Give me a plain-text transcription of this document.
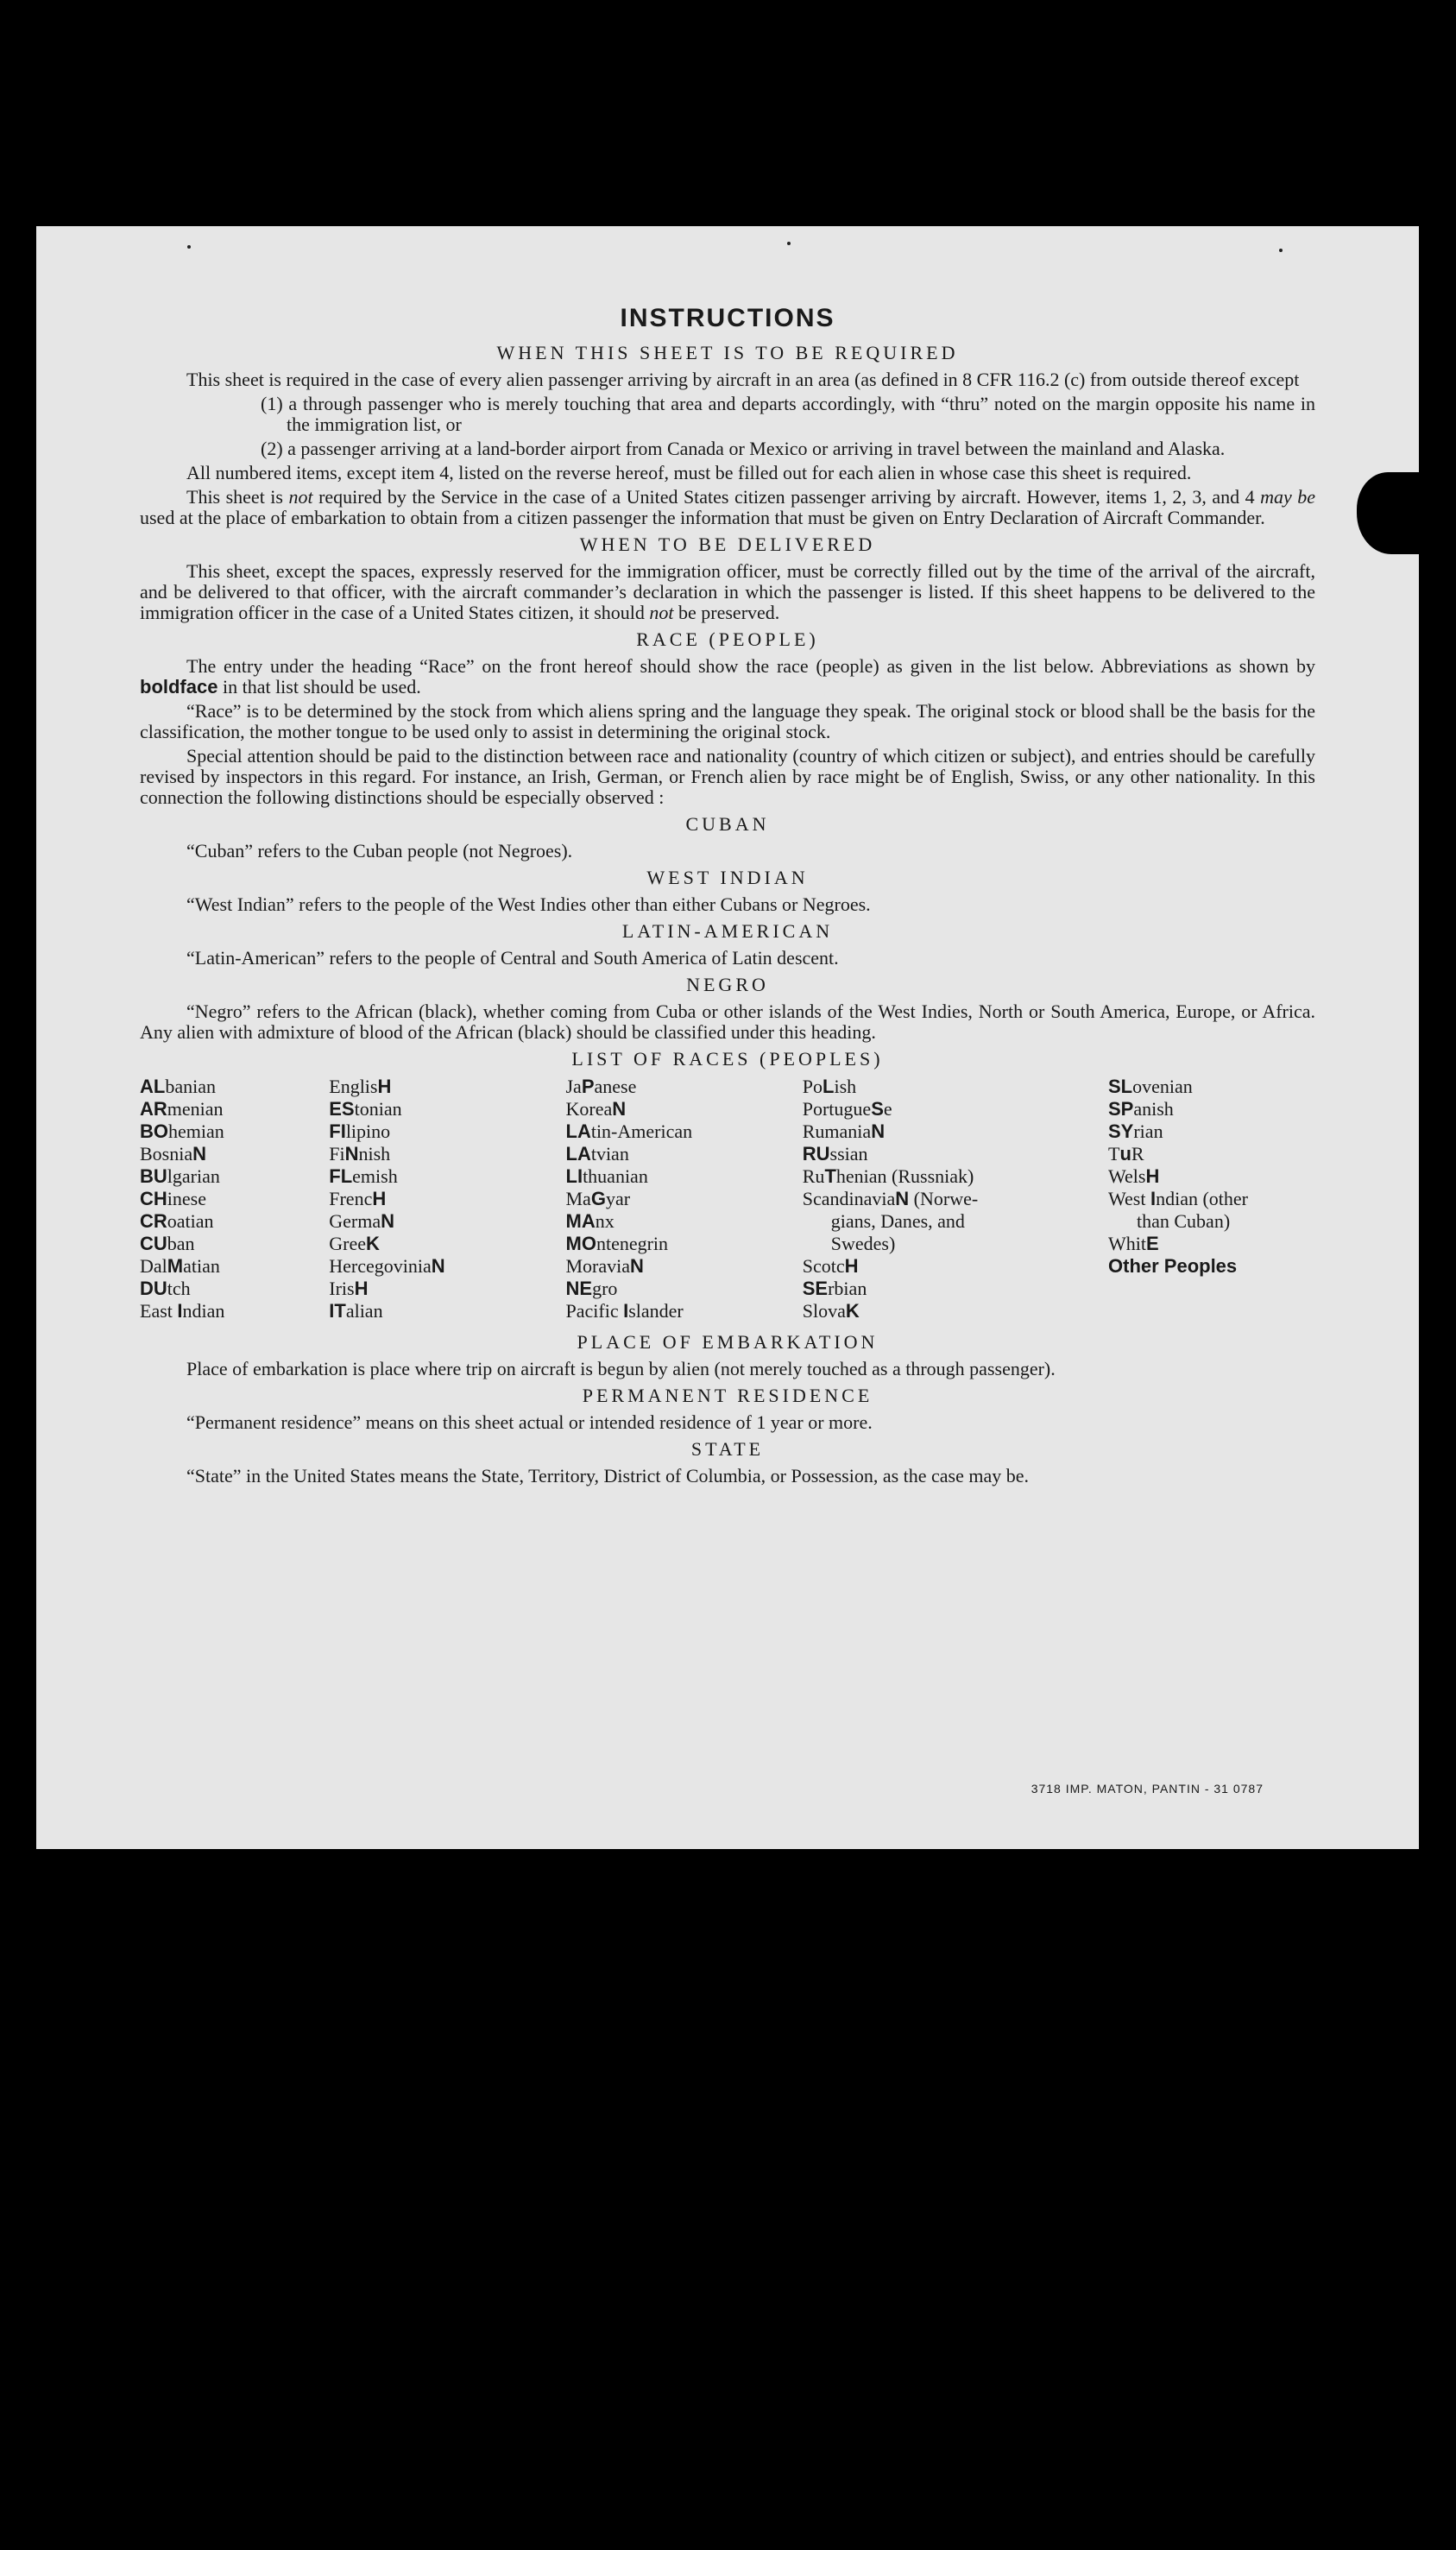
INSTRUCTIONS
WHEN THIS SHEET IS TO BE REQUIRED

This sheet is required in the case of every alien passenger arriving by aircraft in an area (as defined in 8 CFR 116.2 (c) from outside thereof except

(1) a through passenger who is merely touching that area and departs accordingly, with “thru” noted on the margin opposite his name in the immigration list, or

(2) a passenger arriving at a land-border airport from Canada or Mexico or arriving in travel between the mainland and Alaska.

All numbered items, except item 4, listed on the reverse hereof, must be filled out for each alien in whose case this sheet is required.

This sheet is not required by the Service in the case of a United States citizen passenger arriving by aircraft. However, items 1, 2, 3, and 4 may be used at the place of embarkation to obtain from a citizen passenger the information that must be given on Entry Declaration of Aircraft Commander.

WHEN TO BE DELIVERED

This sheet, except the spaces, expressly reserved for the immigration officer, must be correctly filled out by the time of the arrival of the aircraft, and be delivered to that officer, with the aircraft commander’s declaration in which the passenger is listed. If this sheet happens to be delivered to the immigration officer in the case of a United States citizen, it should not be preserved.

RACE (PEOPLE)

The entry under the heading “Race” on the front hereof should show the race (people) as given in the list below. Abbreviations as shown by boldface in that list should be used.

“Race” is to be determined by the stock from which aliens spring and the language they speak. The original stock or blood shall be the basis for the classification, the mother tongue to be used only to assist in determining the original stock.

Special attention should be paid to the distinction between race and nationality (country of which citizen or subject), and entries should be carefully revised by inspectors in this regard. For instance, an Irish, German, or French alien by race might be of English, Swiss, or any other nationality. In this connection the following distinctions should be especially observed :

CUBAN

“Cuban” refers to the Cuban people (not Negroes).

WEST INDIAN

“West Indian” refers to the people of the West Indies other than either Cubans or Negroes.

LATIN-AMERICAN

“Latin-American” refers to the people of Central and South America of Latin descent.

NEGRO

“Negro” refers to the African (black), whether coming from Cuba or other islands of the West Indies, North or South America, Europe, or Africa. Any alien with admixture of blood of the African (black) should be classified under this heading.

LIST OF RACES (PEOPLES)
ALbanian
ARmenian
BOhemian
BosniaN
BUlgarian
CHinese
CRoatian
CUban
DalMatian
DUtch
East Indian
EnglisH
EStonian
FIlipino
FiNnish
FLemish
FrencH
GermaN
GreeK
HercegoviniaN
IrisH
ITalian
JaPanese
KoreaN
LAtin-American
LAtvian
LIthuanian
MaGyar
MAnx
MOntenegrin
MoraviaN
NEgro
Pacific Islander
PoLish
PortugueSe
RumaniaN
RUssian
RuThenian (Russniak)
ScandinaviaN (Norwe-
gians, Danes, and
Swedes)
ScotcH
SErbian
SlovaK
SLovenian
SPanish
SYrian
TuR
WelsH
West Indian (other
than Cuban)
WhitE
Other Peoples
PLACE OF EMBARKATION

Place of embarkation is place where trip on aircraft is begun by alien (not merely touched as a through passenger).

PERMANENT RESIDENCE

“Permanent residence” means on this sheet actual or intended residence of 1 year or more.

STATE

“State” in the United States means the State, Territory, District of Columbia, or Possession, as the case may be.

3718 IMP. MATON, PANTIN - 31 0787
